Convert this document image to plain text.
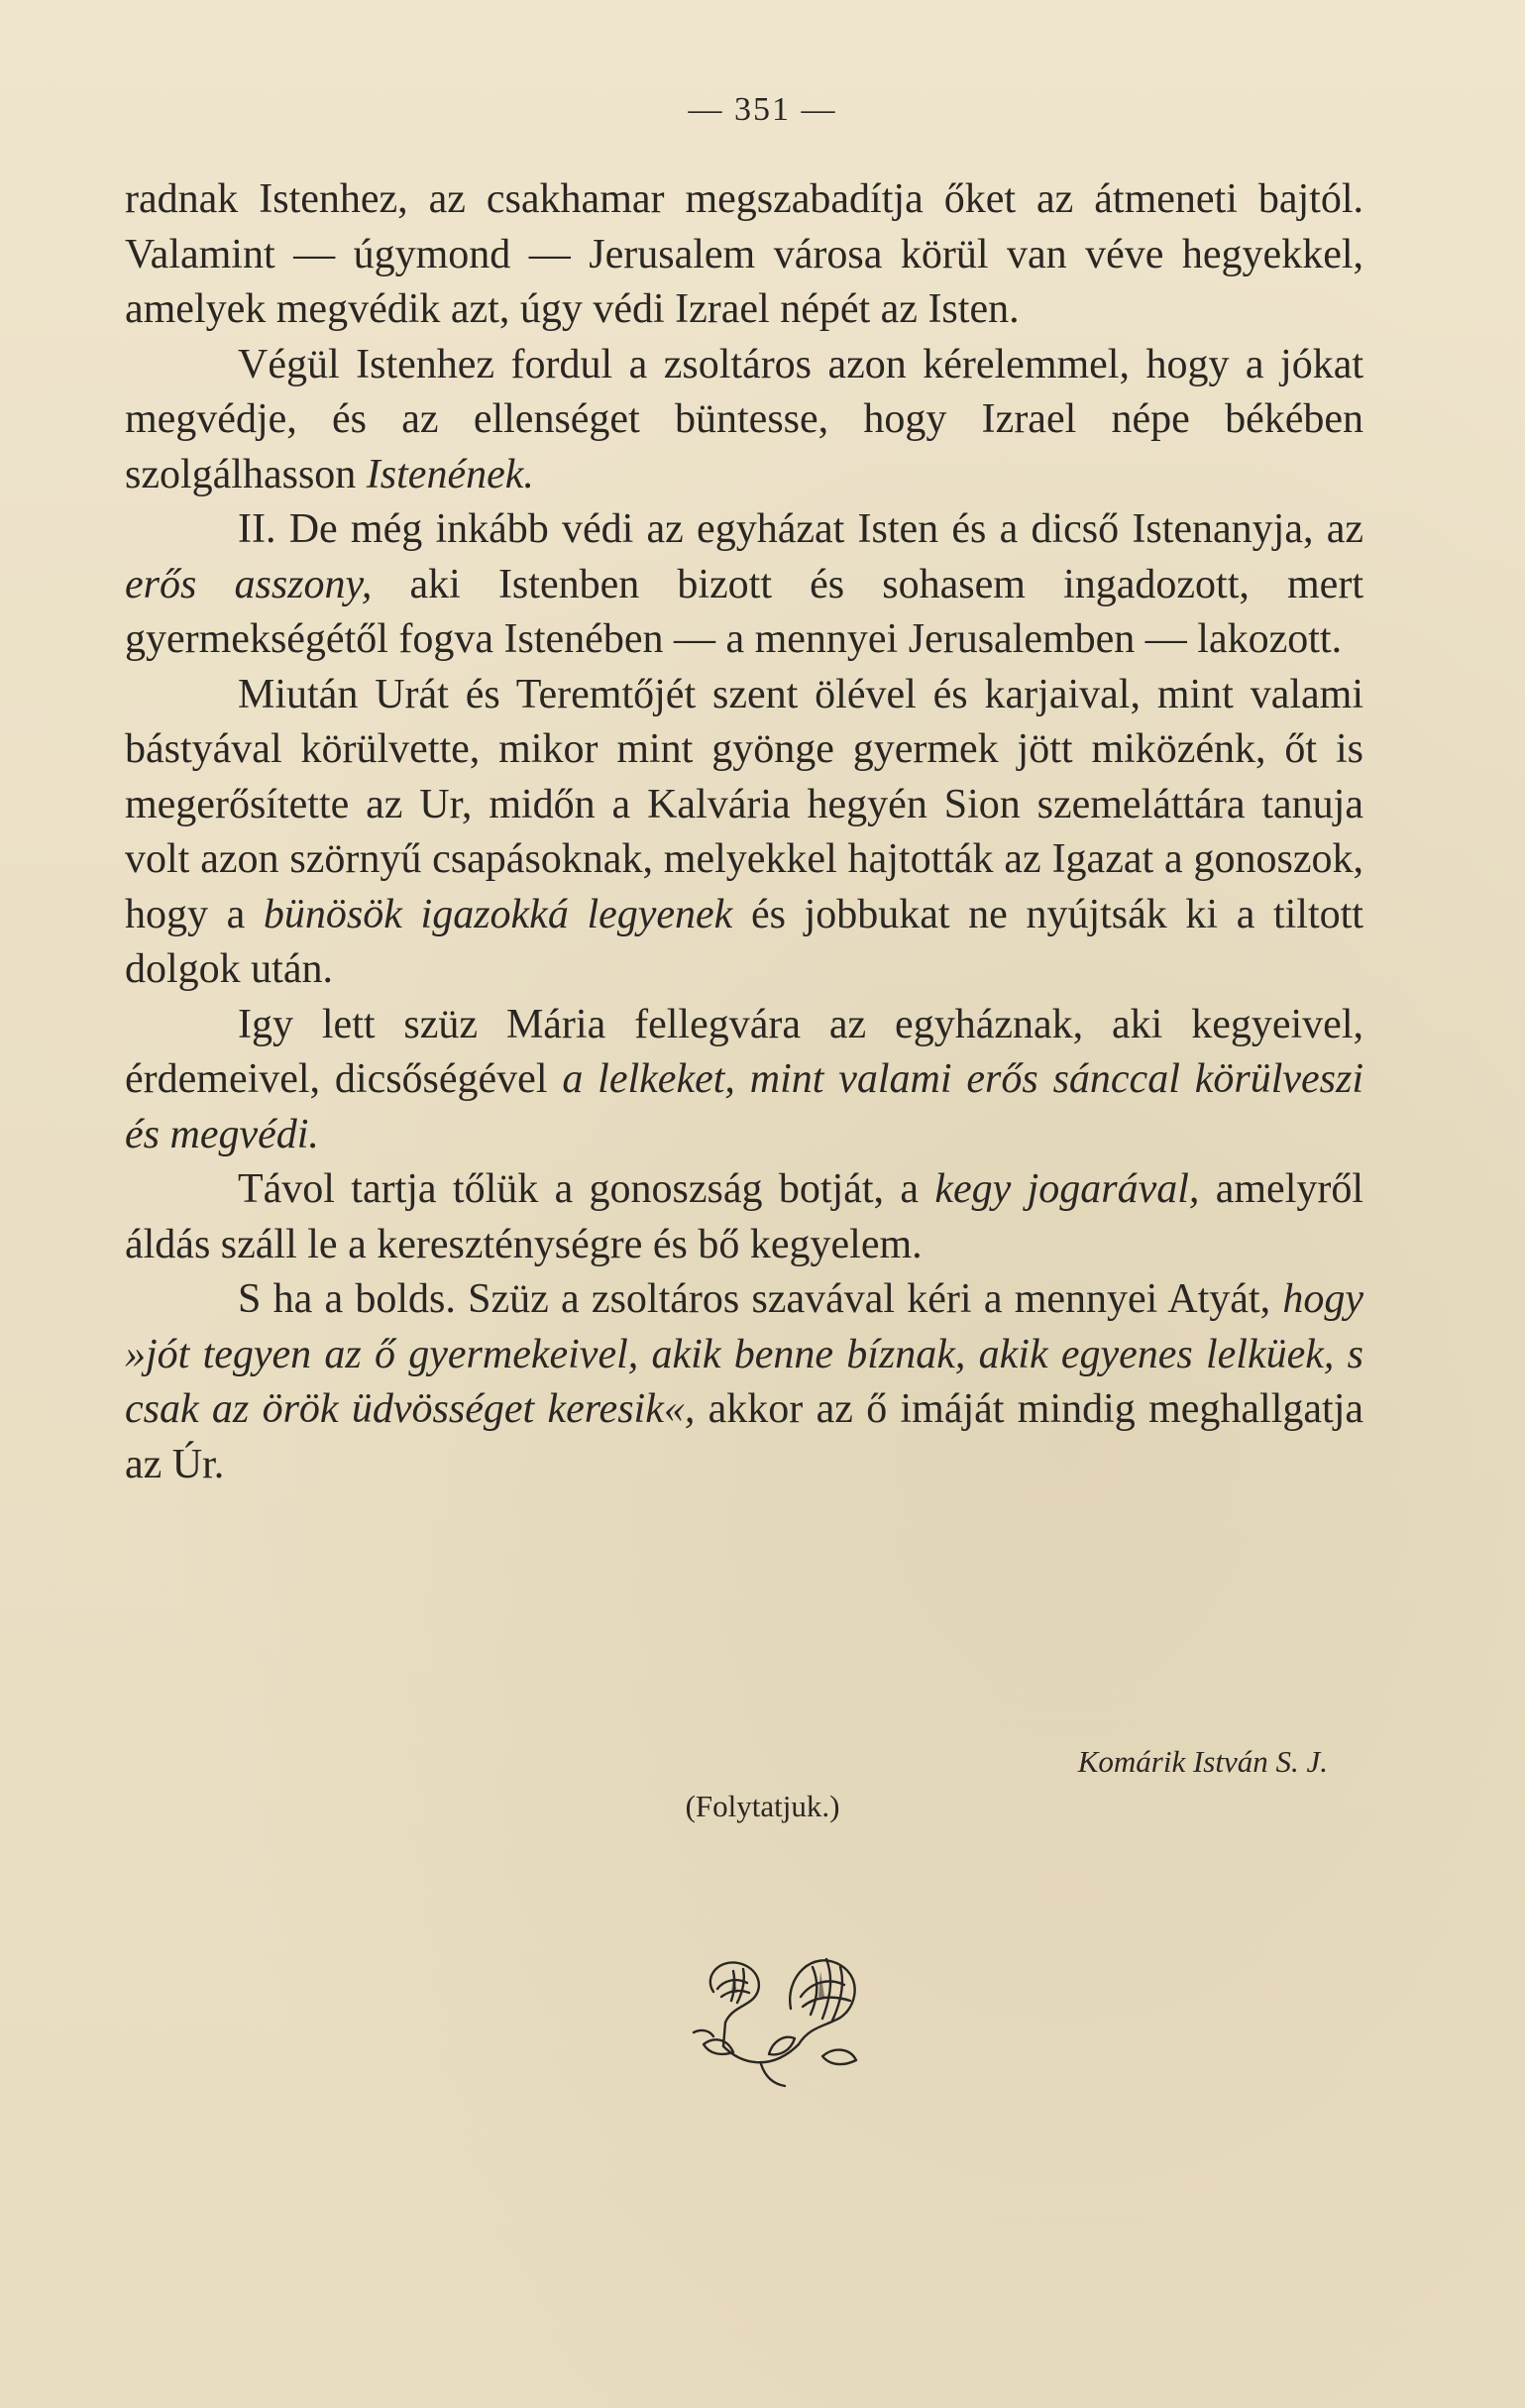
— 351 —

radnak Istenhez, az csakhamar megszabadítja őket az átmeneti bajtól. Valamint — úgymond — Jerusalem városa körül van véve hegyekkel, amelyek megvédik azt, úgy védi Izrael népét az Isten.

Végül Istenhez fordul a zsoltáros azon kérelemmel, hogy a jókat megvédje, és az ellenséget büntesse, hogy Izrael népe békében szolgálhasson Istenének.

II. De még inkább védi az egyházat Isten és a dicső Istenanyja, az erős asszony, aki Istenben bizott és sohasem ingadozott, mert gyermekségétől fogva Istenében — a mennyei Jerusalemben — lakozott.

Miután Urát és Teremtőjét szent ölével és karjaival, mint valami bástyával körülvette, mikor mint gyönge gyermek jött miközénk, őt is megerősítette az Ur, midőn a Kalvária hegyén Sion szemeláttára tanuja volt azon szörnyű csapásoknak, melyekkel hajtották az Igazat a gonoszok, hogy a bünösök igazokká legyenek és jobbukat ne nyújtsák ki a tiltott dolgok után.

Igy lett szüz Mária fellegvára az egyháznak, aki kegyeivel, érdemeivel, dicsőségével a lelkeket, mint valami erős sánccal körülveszi és megvédi.

Távol tartja tőlük a gonoszság botját, a kegy jogarával, amelyről áldás száll le a kereszténységre és bő kegyelem.

S ha a bolds. Szüz a zsoltáros szavával kéri a mennyei Atyát, hogy »jót tegyen az ő gyermekeivel, akik benne bíznak, akik egyenes lelküek, s csak az örök üdvösséget keresik«, akkor az ő imáját mindig meghallgatja az Úr.

Komárik István S. J.
(Folytatjuk.)
